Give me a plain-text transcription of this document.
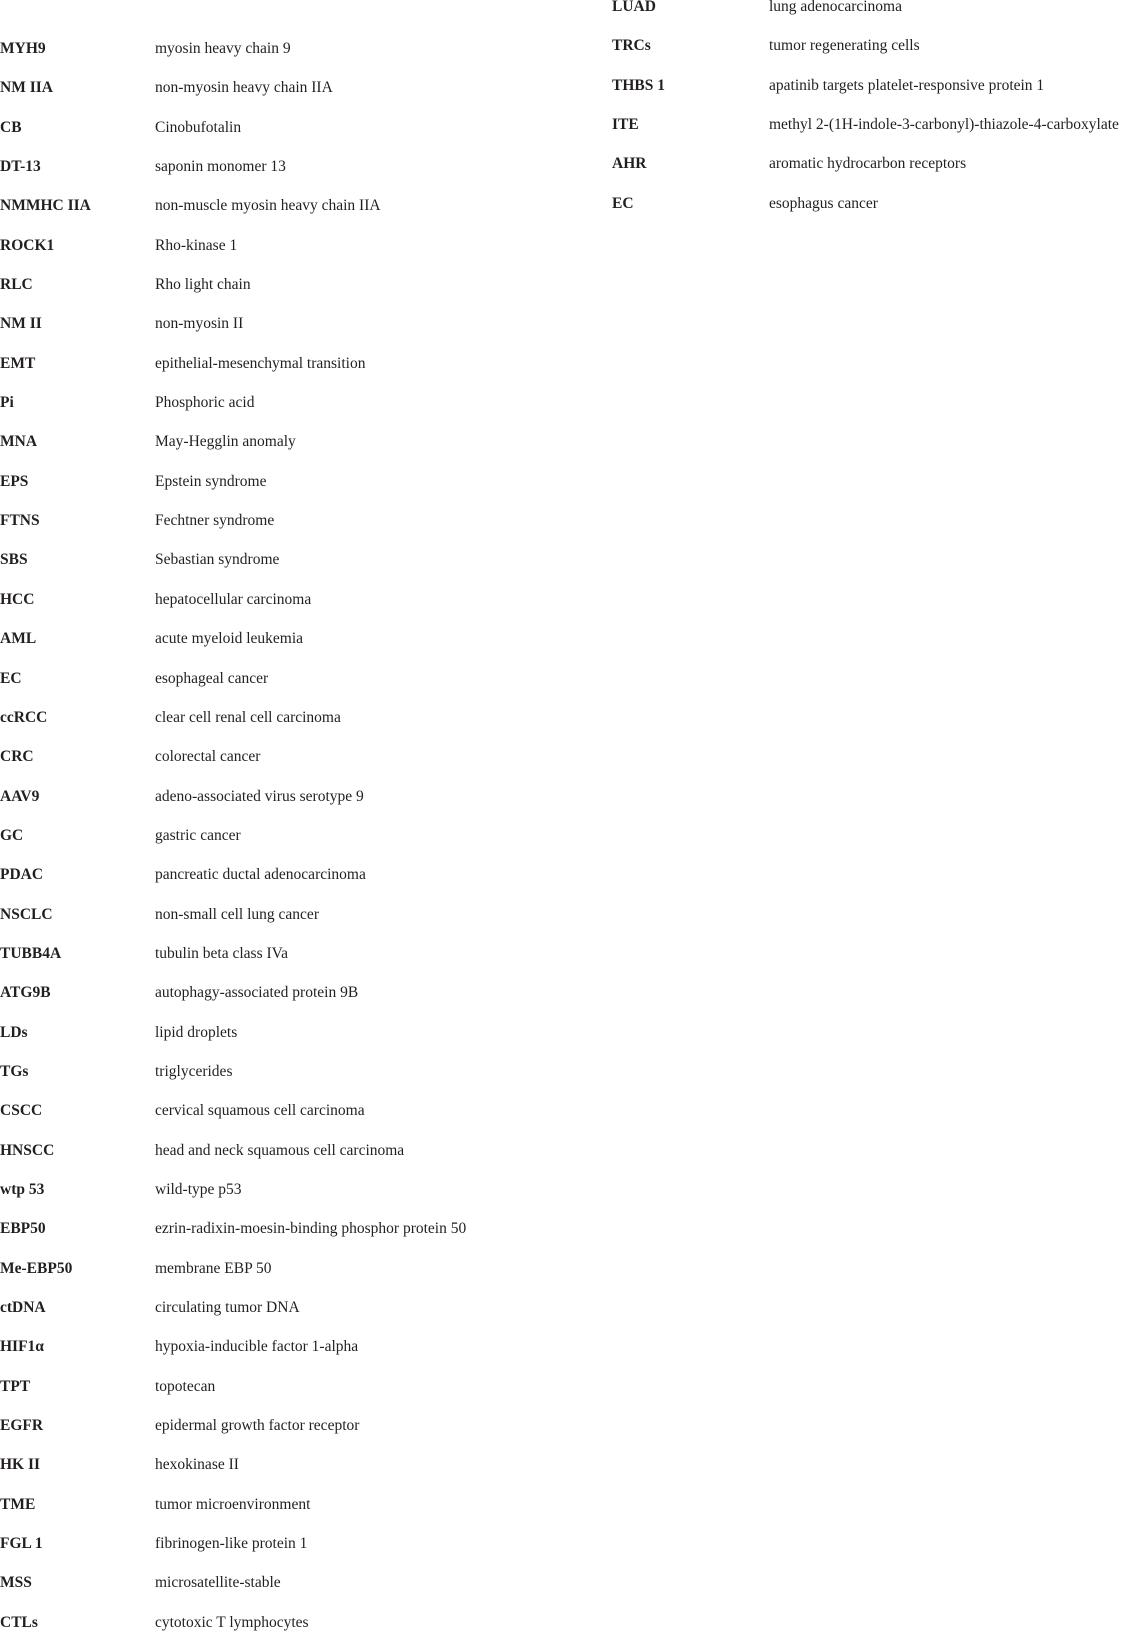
MYH9	myosin heavy chain 9
NM IIA	non-myosin heavy chain IIA
CB	Cinobufotalin
DT-13	saponin monomer 13
NMMHC IIA	non-muscle myosin heavy chain IIA
ROCK1	Rho-kinase 1
RLC	Rho light chain
NM II	non-myosin II
EMT	epithelial-mesenchymal transition
Pi	Phosphoric acid
MNA	May-Hegglin anomaly
EPS	Epstein syndrome
FTNS	Fechtner syndrome
SBS	Sebastian syndrome
HCC	hepatocellular carcinoma
AML	acute myeloid leukemia
EC	esophageal cancer
ccRCC	clear cell renal cell carcinoma
CRC	colorectal cancer
AAV9	adeno-associated virus serotype 9
GC	gastric cancer
PDAC	pancreatic ductal adenocarcinoma
NSCLC	non-small cell lung cancer
TUBB4A	tubulin beta class IVa
ATG9B	autophagy-associated protein 9B
LDs	lipid droplets
TGs	triglycerides
CSCC	cervical squamous cell carcinoma
HNSCC	head and neck squamous cell carcinoma
wtp 53	wild-type p53
EBP50	ezrin-radixin-moesin-binding phosphor protein 50
Me-EBP50	membrane EBP 50
ctDNA	circulating tumor DNA
HIF1α	hypoxia-inducible factor 1-alpha
TPT	topotecan
EGFR	epidermal growth factor receptor
HK II	hexokinase II
TME	tumor microenvironment
FGL 1	fibrinogen-like protein 1
MSS	microsatellite-stable
CTLs	cytotoxic T lymphocytes
LUAD	lung adenocarcinoma
TRCs	tumor regenerating cells
THBS 1	apatinib targets platelet-responsive protein 1
ITE	methyl 2-(1H-indole-3-carbonyl)-thiazole-4-carboxylate
AHR	aromatic hydrocarbon receptors
EC	esophagus cancer
